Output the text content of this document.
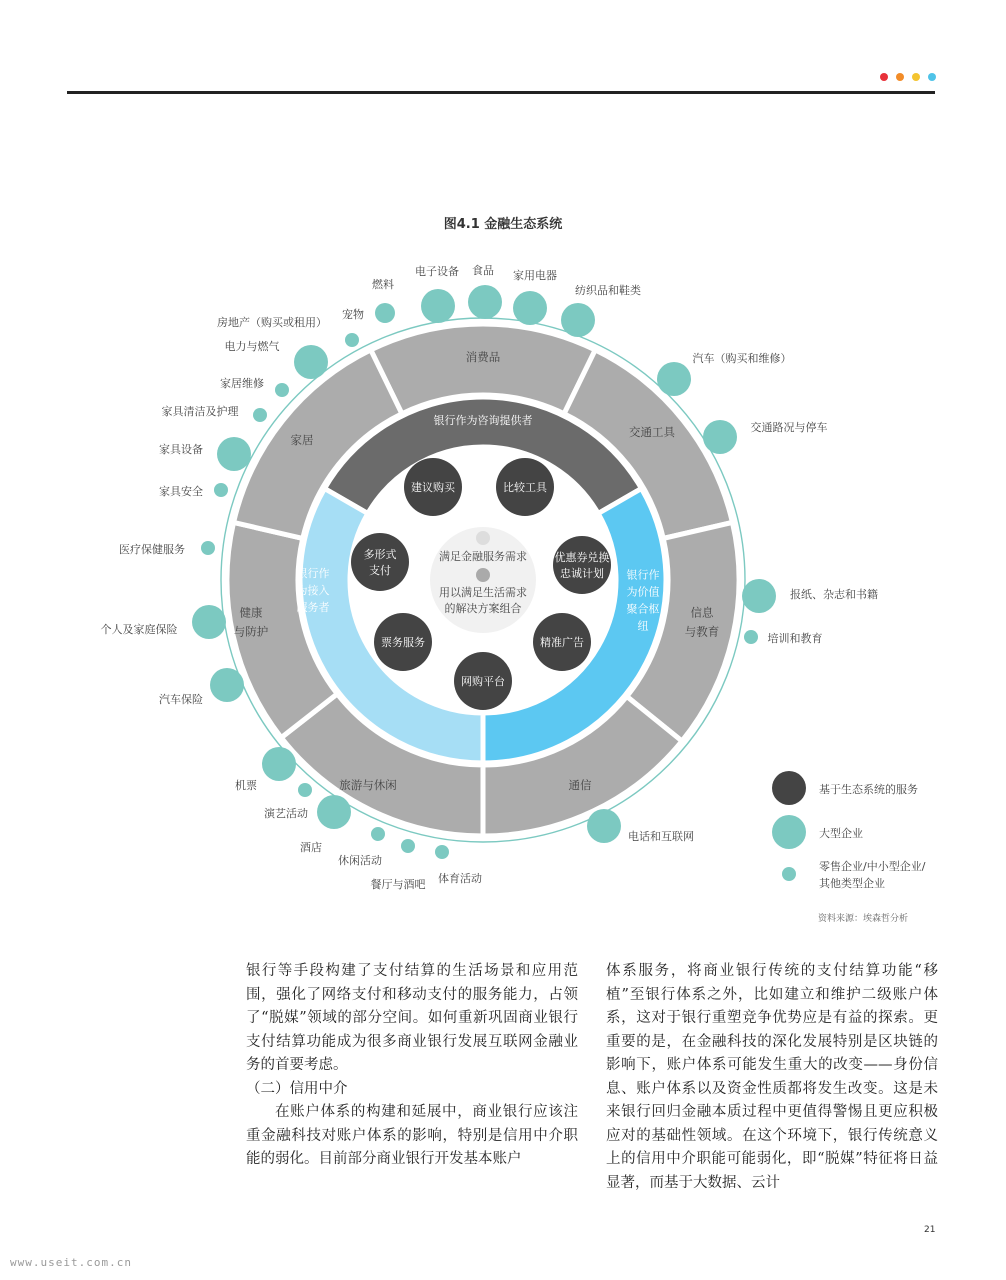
图4.1 金融生态系统
消费品
交通工具
信息与教育
通信
旅游与休闲
健康与防护
家居
银行作为咨询提供者
银行作为接入服务者
银行作为价值聚合枢纽
燃料
电子设备 食品 家用电器
纺织品和鞋类
宠物
房地产（购买或租用）
电力与燃气
家居维修
家具清洁及护理
家具设备
家具安全
医疗保健服务
个人及家庭保险
汽车保险
机票
演艺活动
酒店
休闲活动
餐厅与酒吧 体育活动
电话和互联网
培训和教育
报纸、杂志和书籍
交通路况与停车
汽车（购买和维修）
建议购买	比较工具
优惠券兑换忠诚计划
精准广告
网购平台
票务服务
多形式支付
满足金融服务需求
用以满足生活需求的解决方案组合
基于生态系统的服务
大型企业
零售企业/中小型企业/
其他类型企业
资料来源：埃森哲分析

银行等手段构建了支付结算的生活场景和应用范围，强化了网络支付和移动支付的服务能力，占领了“脱媒”领域的部分空间。如何重新巩固商业银行支付结算功能成为很多商业银行发展互联网金融业务的首要考虑。

（二）信用中介

在账户体系的构建和延展中，商业银行应该注重金融科技对账户体系的影响，特别是信用中介职能的弱化。目前部分商业银行开发基本账户

体系服务，将商业银行传统的支付结算功能“移植”至银行体系之外，比如建立和维护二级账户体系，这对于银行重塑竞争优势应是有益的探索。更重要的是，在金融科技的深化发展特别是区块链的影响下，账户体系可能发生重大的改变——身份信息、账户体系以及资金性质都将发生改变。这是未来银行回归金融本质过程中更值得警惕且更应积极应对的基础性领域。在这个环境下，银行传统意义上的信用中介职能可能弱化，即“脱媒”特征将日益显著，而基于大数据、云计

21
www.useit.com.cn
